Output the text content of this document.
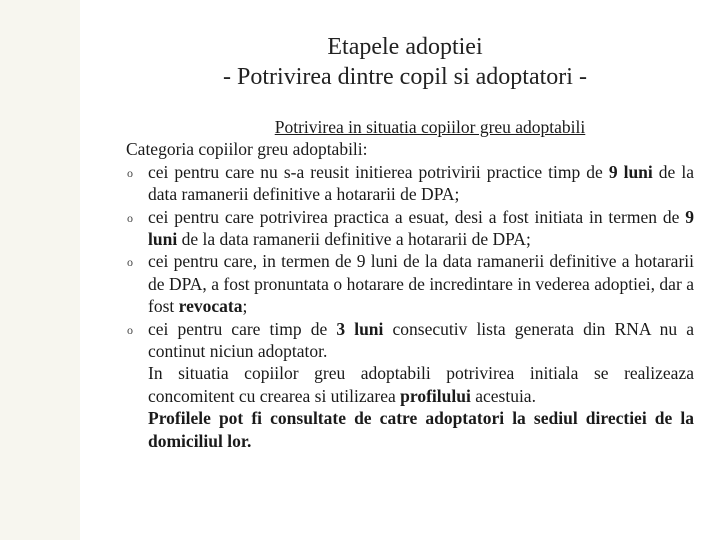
Etapele adoptiei
- Potrivirea dintre copil si adoptatori -
Potrivirea in situatia copiilor greu adoptabili
Categoria copiilor greu adoptabili:
o cei pentru care nu s-a reusit initierea potrivirii practice timp de 9 luni de la data ramanerii definitive a hotararii de DPA;
o cei pentru care potrivirea practica a esuat, desi a fost initiata in termen de 9 luni de la data ramanerii definitive a hotararii de DPA;
o cei pentru care, in termen de 9 luni de la data ramanerii definitive a hotararii de DPA, a fost pronuntata o hotarare de incredintare in vederea adoptiei, dar a fost revocata;
o cei pentru care timp de 3 luni consecutiv lista generata din RNA nu a continut niciun adoptator.
In situatia copiilor greu adoptabili potrivirea initiala se realizeaza concomitent cu crearea si utilizarea profilului acestuia.
Profilele pot fi consultate de catre adoptatori la sediul directiei de la domiciliul lor.
